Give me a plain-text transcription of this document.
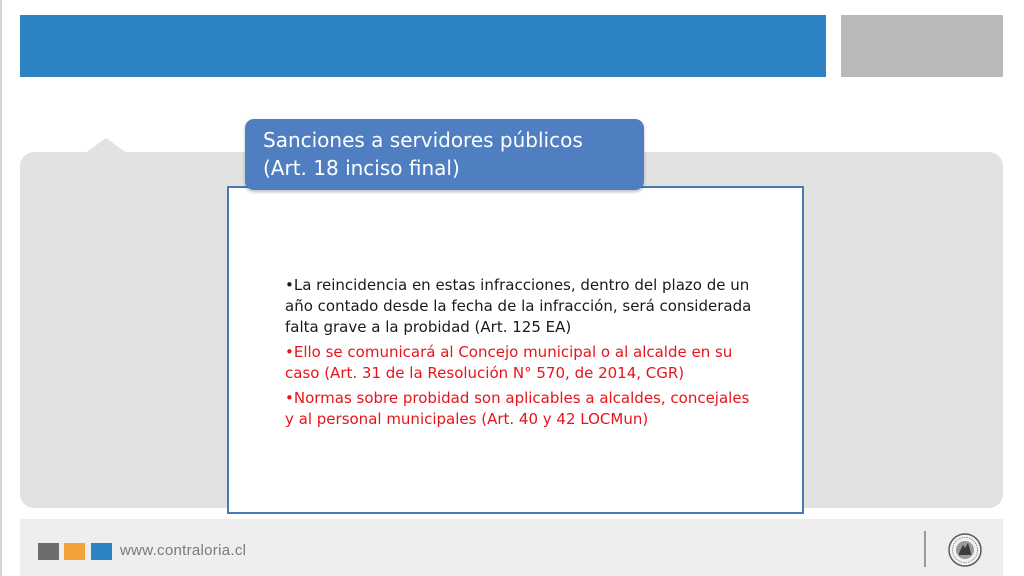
Sanciones a servidores públicos
(Art. 18 inciso final)

•La reincidencia en estas infracciones, dentro del plazo de un año contado desde la fecha de la infracción, será considerada falta grave a la probidad (Art. 125 EA)

•Ello se comunicará al Concejo municipal o al alcalde en su caso (Art. 31 de la Resolución N° 570, de 2014, CGR)

•Normas sobre probidad son aplicables a alcaldes, concejales y al personal municipales (Art. 40 y 42 LOCMun)

www.contraloria.cl
